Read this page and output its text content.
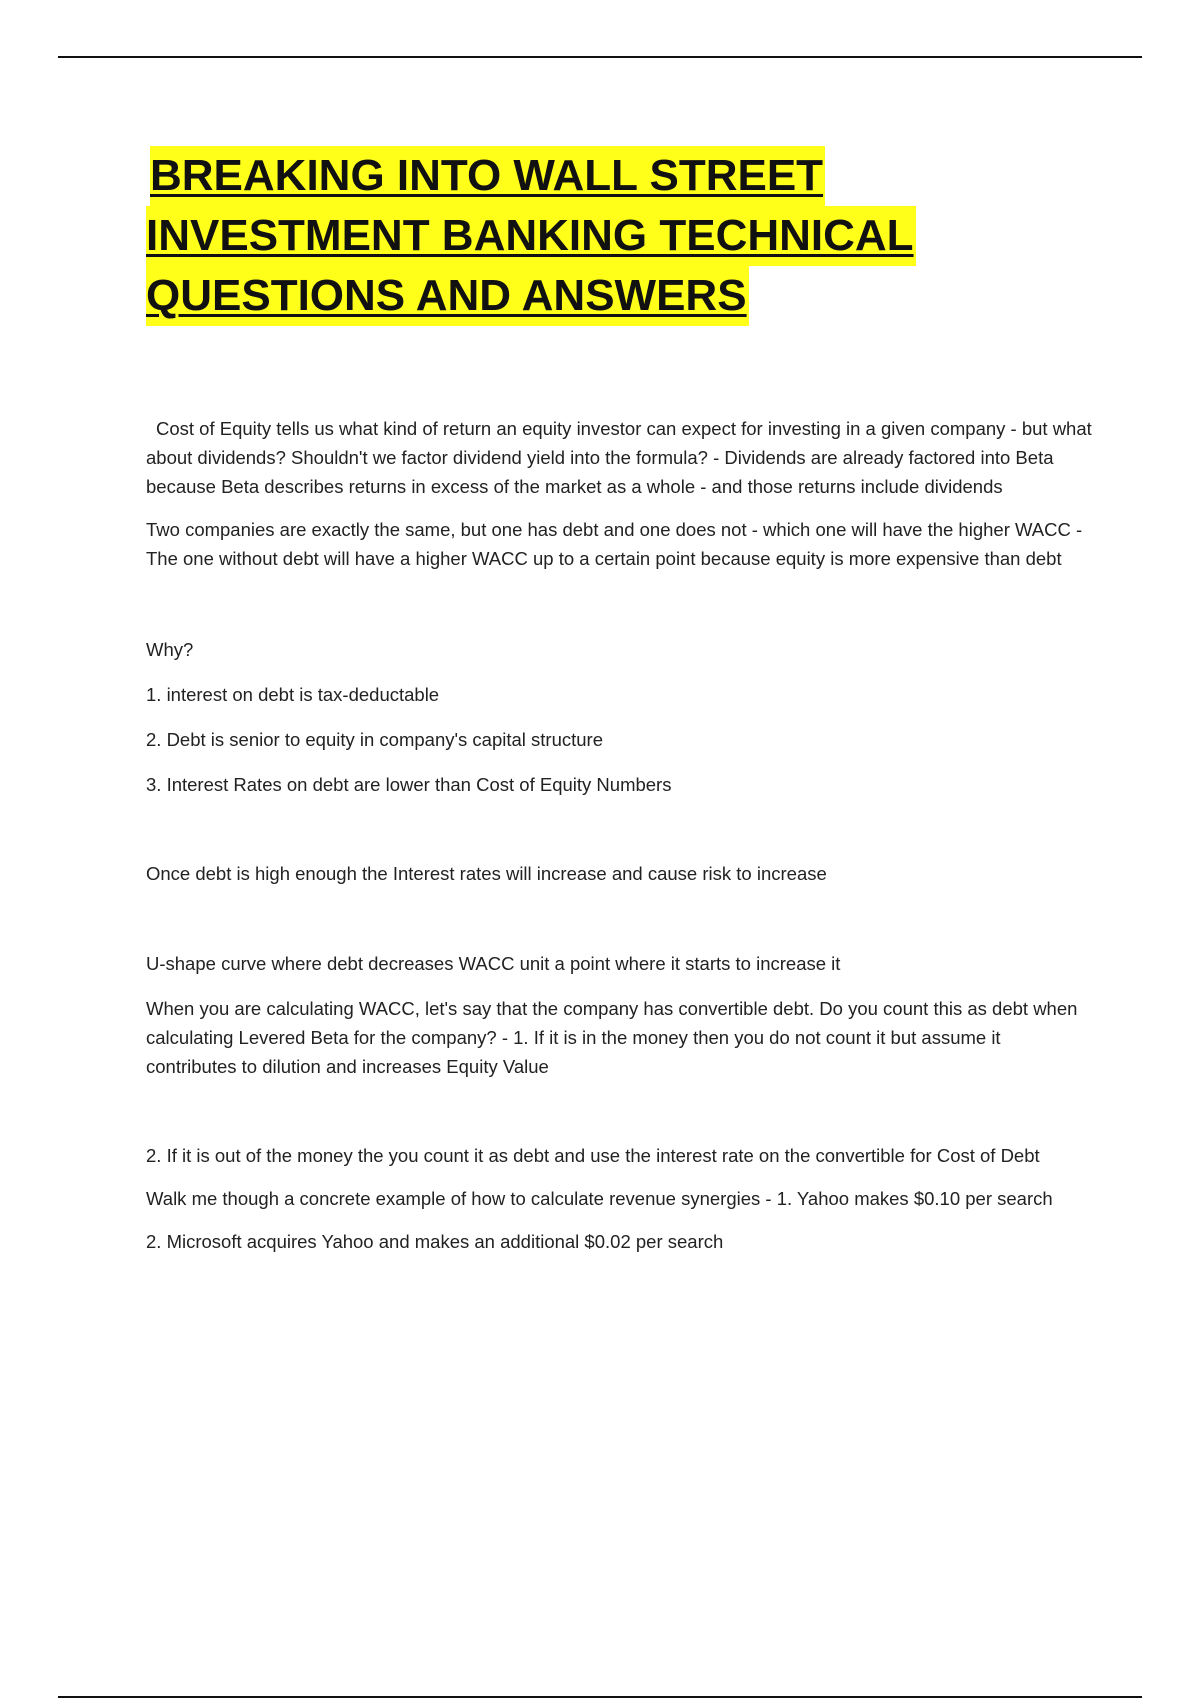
BREAKING INTO WALL STREET
INVESTMENT BANKING TECHNICAL
QUESTIONS AND ANSWERS

Cost of Equity tells us what kind of return an equity investor can expect for investing in a given company - but what about dividends? Shouldn't we factor dividend yield into the formula? - Dividends are already factored into Beta because Beta describes returns in excess of the market as a whole - and those returns include dividends

Two companies are exactly the same, but one has debt and one does not - which one will have the higher WACC - The one without debt will have a higher WACC up to a certain point because equity is more expensive than debt

Why?

1. interest on debt is tax-deductable

2. Debt is senior to equity in company's capital structure

3. Interest Rates on debt are lower than Cost of Equity Numbers

Once debt is high enough the Interest rates will increase and cause risk to increase

U-shape curve where debt decreases WACC unit a point where it starts to increase it

When you are calculating WACC, let's say that the company has convertible debt. Do you count this as debt when calculating Levered Beta for the company? - 1. If it is in the money then you do not count it but assume it contributes to dilution and increases Equity Value

2. If it is out of the money the you count it as debt and use the interest rate on the convertible for Cost of Debt

Walk me though a concrete example of how to calculate revenue synergies - 1. Yahoo makes $0.10 per search

2. Microsoft acquires Yahoo and makes an additional $0.02 per search
